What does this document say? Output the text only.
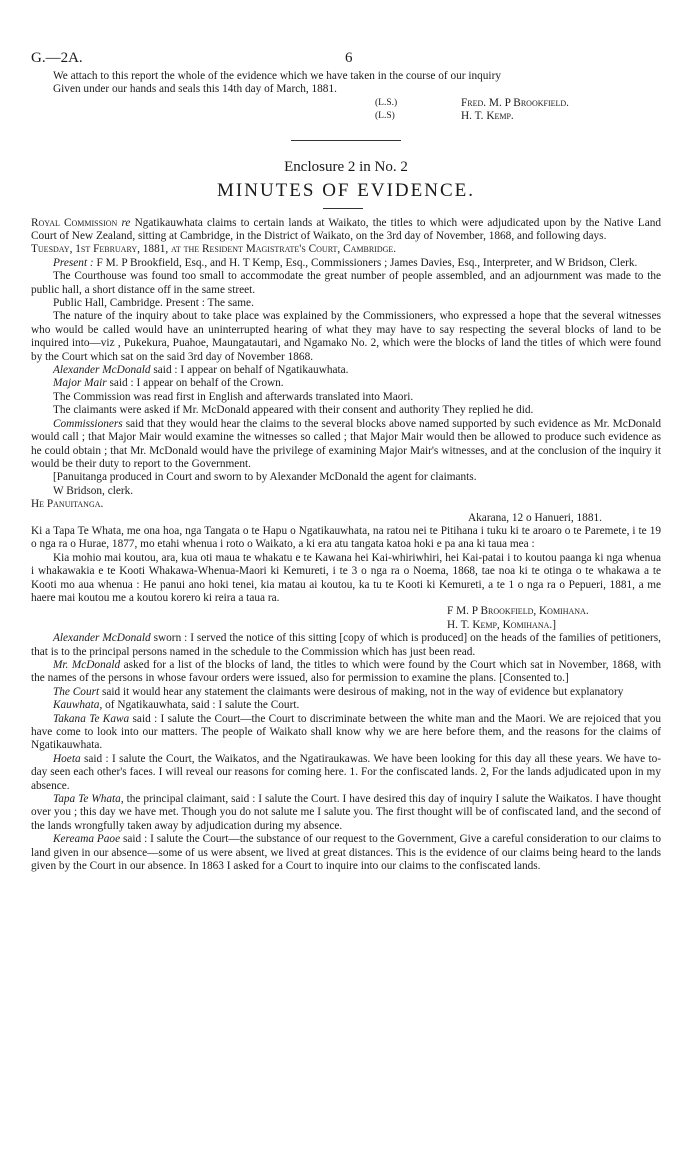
G.—2A.	6

We attach to this report the whole of the evidence which we have taken in the course of our inquiry

Given under our hands and seals this 14th day of March, 1881.

(L.S.)	Fred. M. P Brookfield.
(L.S)	H. T. Kemp.
Enclosure 2 in No. 2
MINUTES OF EVIDENCE.

Royal Commission re Ngatikauwhata claims to certain lands at Waikato, the titles to which were adjudicated upon by the Native Land Court of New Zealand, sitting at Cambridge, in the District of Waikato, on the 3rd day of November, 1868, and following days.

Tuesday, 1st February, 1881, at the Resident Magistrate's Court, Cambridge.

Present : F M. P Brookfield, Esq., and H. T Kemp, Esq., Commissioners ; James Davies, Esq., Interpreter, and W Bridson, Clerk.

The Courthouse was found too small to accommodate the great number of people assembled, and an adjournment was made to the public hall, a short distance off in the same street.

Public Hall, Cambridge. Present : The same.

The nature of the inquiry about to take place was explained by the Commissioners, who expressed a hope that the several witnesses who would be called would have an uninterrupted hearing of what they may have to say respecting the several blocks of land to be inquired into—viz , Pukekura, Puahoe, Maungatautari, and Ngamako No. 2, which were the blocks of land the titles of which were found by the Court which sat on the said 3rd day of November 1868.

Alexander McDonald said : I appear on behalf of Ngatikauwhata.

Major Mair said : I appear on behalf of the Crown.

The Commission was read first in English and afterwards translated into Maori.

The claimants were asked if Mr. McDonald appeared with their consent and authority They replied he did.

Commissioners said that they would hear the claims to the several blocks above named supported by such evidence as Mr. McDonald would call ; that Major Mair would examine the witnesses so called ; that Major Mair would then be allowed to produce such evidence as he could obtain ; that Mr. McDonald would have the privilege of examining Major Mair's witnesses, and at the conclusion of the inquiry it would be their duty to report to the Government.

[Panuitanga produced in Court and sworn to by Alexander McDonald the agent for claimants.

W Bridson, clerk.

He Panuitanga.

Akarana, 12 o Hanueri, 1881.

Ki a Tapa Te Whata, me ona hoa, nga Tangata o te Hapu o Ngatikauwhata, na ratou nei te Pitihana i tuku ki te aroaro o te Paremete, i te 19 o nga ra o Hurae, 1877, mo etahi whenua i roto o Waikato, a ki era atu tangata katoa hoki e pa ana ki taua mea :

Kia mohio mai koutou, ara, kua oti maua te whakatu e te Kawana hei Kai-whiriwhiri, hei Kai-patai i to koutou paanga ki nga whenua i whakawakia e te Kooti Whakawa-Whenua-Maori ki Kemureti, i te 3 o nga ra o Noema, 1868, tae noa ki te otinga o te whakawa a te Kooti mo aua whenua : He panui ano hoki tenei, kia matau ai koutou, ka tu te Kooti ki Kemureti, a te 1 o nga ra o Pepueri, 1881, a me haere mai koutou me a koutou korero ki reira a taua ra.

F M. P Brookfield, Komihana.

H. T. Kemp, Komihana.]

Alexander McDonald sworn : I served the notice of this sitting [copy of which is produced] on the heads of the families of petitioners, that is to the principal persons named in the schedule to the Commission which has just been read.

Mr. McDonald asked for a list of the blocks of land, the titles to which were found by the Court which sat in November, 1868, with the names of the persons in whose favour orders were issued, also for permission to examine the plans. [Consented to.]

The Court said it would hear any statement the claimants were desirous of making, not in the way of evidence but explanatory

Kauwhata, of Ngatikauwhata, said : I salute the Court.

Takana Te Kawa said : I salute the Court—the Court to discriminate between the white man and the Maori. We are rejoiced that you have come to look into our matters. The people of Waikato shall know why we are here before them, and the reasons for the claims of Ngatikauwhata.

Hoeta said : I salute the Court, the Waikatos, and the Ngatiraukawas. We have been looking for this day all these years. We have to-day seen each other's faces. I will reveal our reasons for coming here. 1. For the confiscated lands. 2, For the lands adjudicated upon in my absence.

Tapa Te Whata, the principal claimant, said : I salute the Court. I have desired this day of inquiry I salute the Waikatos. I have thought over you ; this day we have met. Though you do not salute me I salute you. The first thought will be of confiscated land, and the second of the lands wrongfully taken away by adjudication during my absence.

Kereama Paoe said : I salute the Court—the substance of our request to the Government, Give a careful consideration to our claims to land given in our absence—some of us were absent, we lived at great distances. This is the evidence of our claims being heard to the lands given by the Court in our absence. In 1863 I asked for a Court to inquire into our claims to the confiscated lands.
